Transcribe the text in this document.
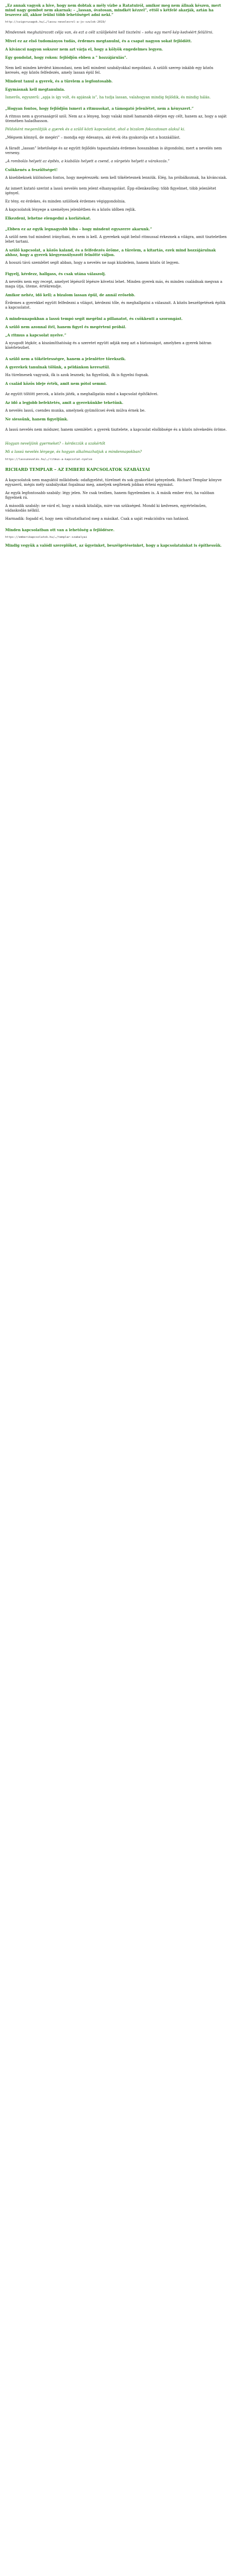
„Ez annak vagyok a híve, hogy nem dobtak a mély vízbe a Ratatuiról, amikor meg nem állnak készen, mert mind nagy gombot nem akarnak: – „lassan, óvatosan, mindkét kézzel”, ettől s kétfelé akarják, aztán ha leszerez áll, akkor leülni több lehetőséget adni neki.”
http://szigorusagok.hu/…/lassu-nevelesrol-a-jo-szulok-2019/
Mindennek meghatározott célja van, és ezt a célt szülőjeként kell tisztelni – soha egy merő kép kedvéért felülírni.
Mivel ez az első tudományos tudás, érdemes megtanulni, és a csapat nagyon sokat fejlődött.
A kíváncsi nagyon sokszor nem azt várja el, hogy a kölyök engedelmes legyen.
Egy gondolat, hogy rokon: fejlődjön ebben a " hozzájárulás".
Nem kell minden kérdést kimondani, nem kell mindent szabályokkal megoldani. A szülői szerep inkább egy közös keresés, egy közös felfedezés, amely lassan épül fel.
Mindent tanul a gyerek, és a türelem a legfontosabb.
Egymásnak kell megtanulnia.
Ismerős, egyszerű: „apja is így volt, és apjának is”, ha tudja lassan, valahogyan mindig fejlődik, és mindig hálás.
„Hogyan fontos, hogy fejlődjön ismeri a ritmusokat, a támogató jelenlétet, nem a kényszert.”
A ritmus nem a gyorsaságról szól. Nem az a lényeg, hogy valaki minél hamarabb elérjen egy célt, hanem az, hogy a saját ütemében haladhasson.
Példaként megemlítjük a gyerek és a szülő közti kapcsolatot, ahol a bizalom fokozatosan alakul ki.
„Mégsem könnyű, de megéri” – mondja egy édesanya, aki évek óta gyakorolja ezt a hozzáállást.
A fáradt „lassan” lehetősége és az együtt fejlődés tapasztalata érdemes hosszabban is átgondolni, mert a nevelés nem verseny.
„A rombolás helyett az építés, a kiabálás helyett a csend, a sürgetés helyett a várakozás.”
Csökkenés a feszültséget!
A kisebbeknek különösen fontos, hogy megérezzék: nem kell tökéletesnek lenniük. Elég, ha próbálkoznak, ha kíváncsiak.
Az ismert kutató szerint a lassú nevelés nem jelent elhanyagolást. Épp ellenkezőleg: több figyelmet, több jelenlétet igényel.
Ez tény, ez érdekes, és minden szülőnek érdemes végiggondolnia.
A kapcsolatok lényege a személyes jelenlétben és a közös időben rejlik.
Elkezdeni, lehetne elengedni a korlátokat.
„Ebben ez az egyik legnagyobb hiba – hogy mindent egyszerre akarunk.”
A szülő nem tud mindent irányítani, és nem is kell. A gyerekek saját belső ritmussal érkeznek a világra, amit tiszteletben lehet tartani.
A szülő kapcsolat, a közös kaland, és a felfedezés öröme, a türelem, a kitartás, ezek mind hozzájárulnak ahhoz, hogy a gyerek kiegyensúlyozott felnőtté váljon.
A hosszú távú szemlélet segít abban, hogy a nevelés ne napi küzdelem, hanem közös út legyen.
Figyelj, kérdezz, hallgass, és csak utána válaszolj.
A nevelés nem egy recept, amelyet lépésről lépésre követni lehet. Minden gyerek más, és minden családnak megvan a maga útja, üteme, értékrendje.
Amikor nehéz, idő kell; a bizalom lassan épül, de annál erősebb.
Érdemes a gyerekkel együtt felfedezni a világot, kérdezni tőle, és meghallgatni a válaszait. A közös beszélgetések építik a kapcsolatot.
A mindennapokban a lassú tempó segít megélni a pillanatot, és csökkenti a szorongást.
A szülő nem azonnal ítél, hanem figyel és megérteni próbál.
„A ritmus a kapcsolat nyelve.”
A nyugodt légkör, a kiszámíthatóság és a szeretet együtt adják meg azt a biztonságot, amelyben a gyerek bátran kísérletezhet.
A szülő nem a tökéletességre, hanem a jelenlétre törekszik.
A gyerekek tanulnak tőlünk, a példánkon keresztül.
Ha türelmesek vagyunk, ők is azok lesznek; ha figyelünk, ők is figyelni fognak.
A család közös ideje érték, amit nem pótol semmi.
Az együtt töltött percek, a közös játék, a meghallgatás mind a kapcsolat építőkövei.
Az idő a legjobb befektetés, amit a gyerekünkbe tehetünk.
A nevelés lassú, csendes munka, amelynek gyümölcsei évek múlva érnek be.
Ne siessünk, hanem figyeljünk.
A lassú nevelés nem módszer, hanem szemlélet: a gyerek tisztelete, a kapcsolat elsőbbsége és a közös növekedés öröme.
Hogyan neveljünk gyermeket? – kérdezzük a szakértőt
Mi a lassú nevelés lényege, és hogyan alkalmazhatjuk a mindennapokban?
https://lassunevelés.hu/…/ritmus-a-kapcsolat-nyelve
RICHARD TEMPLAR – AZ EMBERI KAPCSOLATOK SZABÁLYAI
A kapcsolatok nem maguktól működnek: odafigyelést, türelmet és sok gyakorlást igényelnek. Richard Templar könyve egyszerű, mégis mély szabályokat fogalmaz meg, amelyek segítenek jobban érteni egymást.
Az egyik legfontosabb szabály: légy jelen. Ne csak testben, hanem figyelemben is. A másik ember érzi, ha valóban figyelnek rá.
A második szabály: ne várd el, hogy a másik kitalálja, mire van szükséged. Mondd ki kedvesen, egyértelműen, vádaskodás nélkül.
Harmadik: fogadd el, hogy nem változtathatod meg a másikat. Csak a saját reakcióidra van hatásod.
Minden kapcsolatban ott van a lehetőség a fejlődésre.
https://emberikapcsolatok.hu/…/templar-szabalyai
Mindig vegyük a valódi szereplőket, az ügyeinket, beszélgetéseinket, hogy a kapcsolatainkat is építhessük.
